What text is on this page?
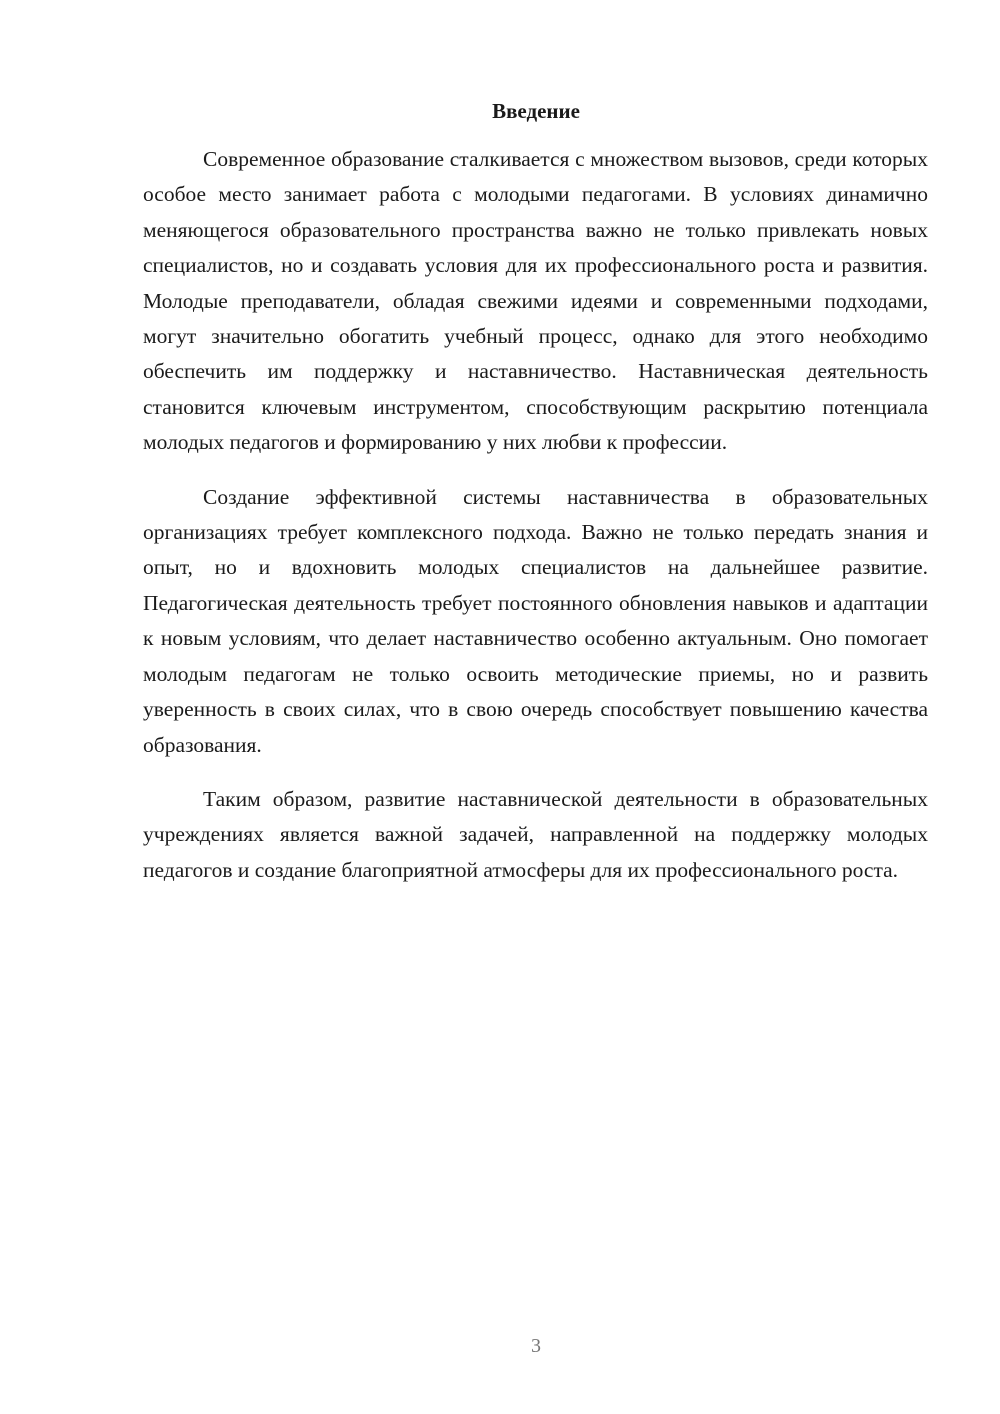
Введение

Современное образование сталкивается с множеством вызовов, среди которых особое место занимает работа с молодыми педагогами. В условиях динамично меняющегося образовательного пространства важно не только привлекать новых специалистов, но и создавать условия для их профессионального роста и развития. Молодые преподаватели, обладая свежими идеями и современными подходами, могут значительно обогатить учебный процесс, однако для этого необходимо обеспечить им поддержку и наставничество. Наставническая деятельность становится ключевым инструментом, способствующим раскрытию потенциала молодых педагогов и формированию у них любви к профессии.

Создание эффективной системы наставничества в образовательных организациях требует комплексного подхода. Важно не только передать знания и опыт, но и вдохновить молодых специалистов на дальнейшее развитие. Педагогическая деятельность требует постоянного обновления навыков и адаптации к новым условиям, что делает наставничество особенно актуальным. Оно помогает молодым педагогам не только освоить методические приемы, но и развить уверенность в своих силах, что в свою очередь способствует повышению качества образования.

Таким образом, развитие наставнической деятельности в образовательных учреждениях является важной задачей, направленной на поддержку молодых педагогов и создание благоприятной атмосферы для их профессионального роста.

3
